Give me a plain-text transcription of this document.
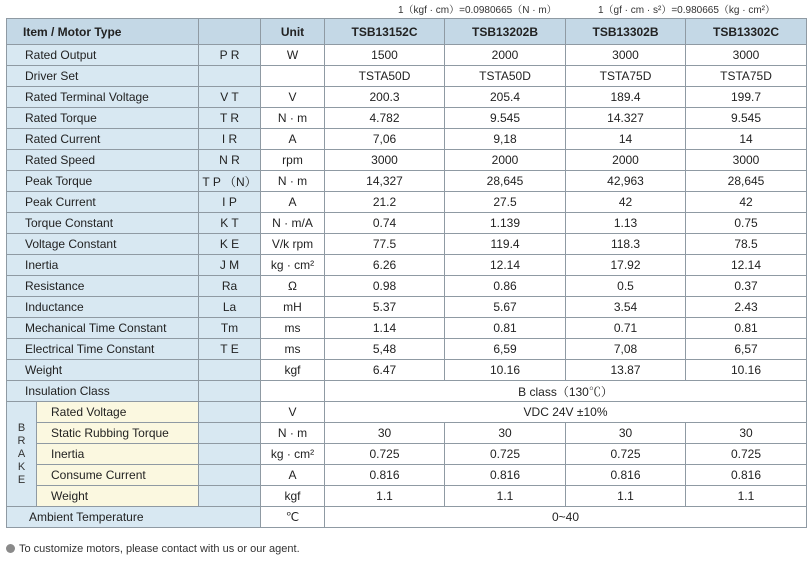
1（kgf · cm）=0.0980665（N · m）	1（gf · cm · s²）=0.980665（kg · cm²）
Item / Motor Type			Unit	TSB13152C	TSB13202B	TSB13302B	TSB13302C
Rated Output		P R	W	1500	2000	3000	3000
Driver Set				TSTA50D	TSTA50D	TSTA75D	TSTA75D
Rated Terminal Voltage		V T	V	200.3	205.4	189.4	199.7
Rated Torque		T R	N · m	4.782	9.545	14.327	9.545
Rated Current		I R	A	7,06	9,18	14	14
Rated Speed		N R	rpm	3000	2000	2000	3000
Peak Torque		T P （N）	N · m	14,327	28,645	42,963	28,645
Peak Current		I P	A	21.2	27.5	42	42
Torque Constant		K T	N · m/A	0.74	1.139	1.13	0.75
Voltage Constant		K E	V/k rpm	77.5	119.4	118.3	78.5
Inertia		J M	kg · cm²	6.26	12.14	17.92	12.14
Resistance		Ra	Ω	0.98	0.86	0.5	0.37
Inductance		La	mH	5.37	5.67	3.54	2.43
Mechanical Time Constant		Tm	ms	1.14	0.81	0.71	0.81
Electrical Time Constant		T E	ms	5,48	6,59	7,08	6,57
Weight			kgf	6.47	10.16	13.87	10.16
Insulation Class				B class（130℃）			

B
R
A
K
E	Rated Voltage		V	VDC 24V ±10%			
	Static Rubbing Torque		N · m	30	30	30	30
	Inertia		kg · cm²	0.725	0.725	0.725	0.725
	Consume Current		A	0.816	0.816	0.816	0.816
	Weight		kgf	1.1	1.1	1.1	1.1
Ambient Temperature			℃	0~40			
To customize motors, please contact with us or our agent.
